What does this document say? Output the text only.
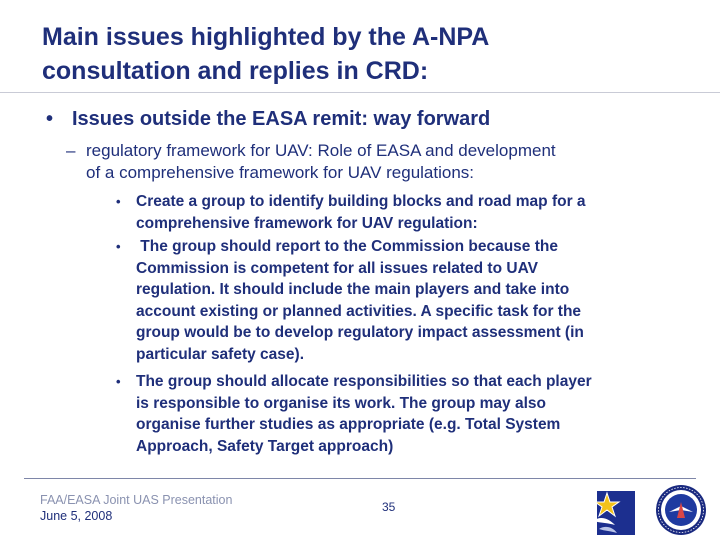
Main issues highlighted by the A-NPA
consultation and replies in CRD:
• Issues outside the EASA remit: way forward
– regulatory framework for UAV: Role of EASA and development
of a comprehensive framework for UAV regulations:
• Create a group to identify building blocks and road map for a
comprehensive framework for UAV regulation:
• The group should report to the Commission because the
Commission is competent for all issues related to UAV
regulation. It should include the main players and take into
account existing or planned activities. A specific task for the
group would be to develop regulatory impact assessment (in
particular safety case).
• The group should allocate responsibilities so that each player
is responsible to organise its work. The group may also
organise further studies as appropriate (e.g. Total System
Approach, Safety Target approach)
FAA/EASA Joint UAS Presentation
June 5, 2008
35
